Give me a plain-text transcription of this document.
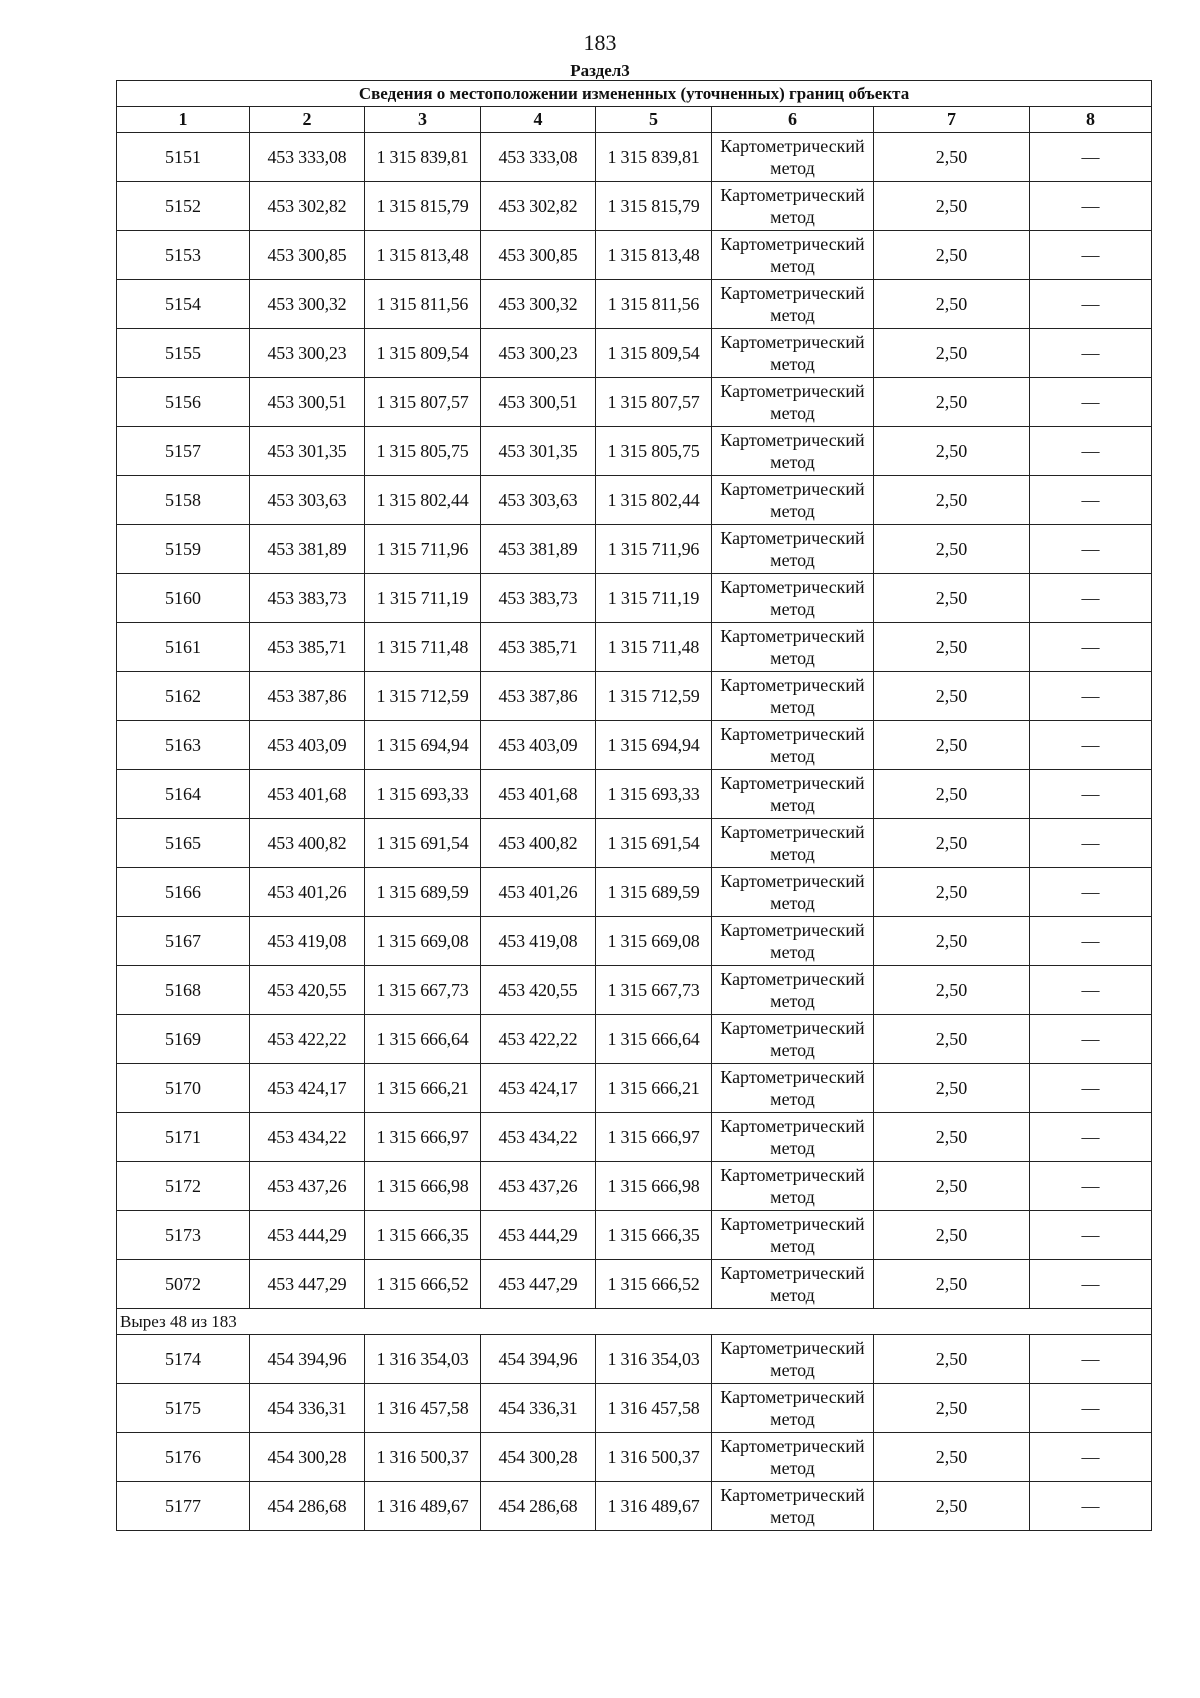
183
Раздел3
Сведения о местоположении измененных (уточненных) границ объекта							
1	2	3	4	5	6	7	8
5151	453 333,08	1 315 839,81	453 333,08	1 315 839,81	Картометрический метод	2,50	—
5152	453 302,82	1 315 815,79	453 302,82	1 315 815,79	Картометрический метод	2,50	—
5153	453 300,85	1 315 813,48	453 300,85	1 315 813,48	Картометрический метод	2,50	—
5154	453 300,32	1 315 811,56	453 300,32	1 315 811,56	Картометрический метод	2,50	—
5155	453 300,23	1 315 809,54	453 300,23	1 315 809,54	Картометрический метод	2,50	—
5156	453 300,51	1 315 807,57	453 300,51	1 315 807,57	Картометрический метод	2,50	—
5157	453 301,35	1 315 805,75	453 301,35	1 315 805,75	Картометрический метод	2,50	—
5158	453 303,63	1 315 802,44	453 303,63	1 315 802,44	Картометрический метод	2,50	—
5159	453 381,89	1 315 711,96	453 381,89	1 315 711,96	Картометрический метод	2,50	—
5160	453 383,73	1 315 711,19	453 383,73	1 315 711,19	Картометрический метод	2,50	—
5161	453 385,71	1 315 711,48	453 385,71	1 315 711,48	Картометрический метод	2,50	—
5162	453 387,86	1 315 712,59	453 387,86	1 315 712,59	Картометрический метод	2,50	—
5163	453 403,09	1 315 694,94	453 403,09	1 315 694,94	Картометрический метод	2,50	—
5164	453 401,68	1 315 693,33	453 401,68	1 315 693,33	Картометрический метод	2,50	—
5165	453 400,82	1 315 691,54	453 400,82	1 315 691,54	Картометрический метод	2,50	—
5166	453 401,26	1 315 689,59	453 401,26	1 315 689,59	Картометрический метод	2,50	—
5167	453 419,08	1 315 669,08	453 419,08	1 315 669,08	Картометрический метод	2,50	—
5168	453 420,55	1 315 667,73	453 420,55	1 315 667,73	Картометрический метод	2,50	—
5169	453 422,22	1 315 666,64	453 422,22	1 315 666,64	Картометрический метод	2,50	—
5170	453 424,17	1 315 666,21	453 424,17	1 315 666,21	Картометрический метод	2,50	—
5171	453 434,22	1 315 666,97	453 434,22	1 315 666,97	Картометрический метод	2,50	—
5172	453 437,26	1 315 666,98	453 437,26	1 315 666,98	Картометрический метод	2,50	—
5173	453 444,29	1 315 666,35	453 444,29	1 315 666,35	Картометрический метод	2,50	—
5072	453 447,29	1 315 666,52	453 447,29	1 315 666,52	Картометрический метод	2,50	—
Вырез 48 из 183							
5174	454 394,96	1 316 354,03	454 394,96	1 316 354,03	Картометрический метод	2,50	—
5175	454 336,31	1 316 457,58	454 336,31	1 316 457,58	Картометрический метод	2,50	—
5176	454 300,28	1 316 500,37	454 300,28	1 316 500,37	Картометрический метод	2,50	—
5177	454 286,68	1 316 489,67	454 286,68	1 316 489,67	Картометрический метод	2,50	—
